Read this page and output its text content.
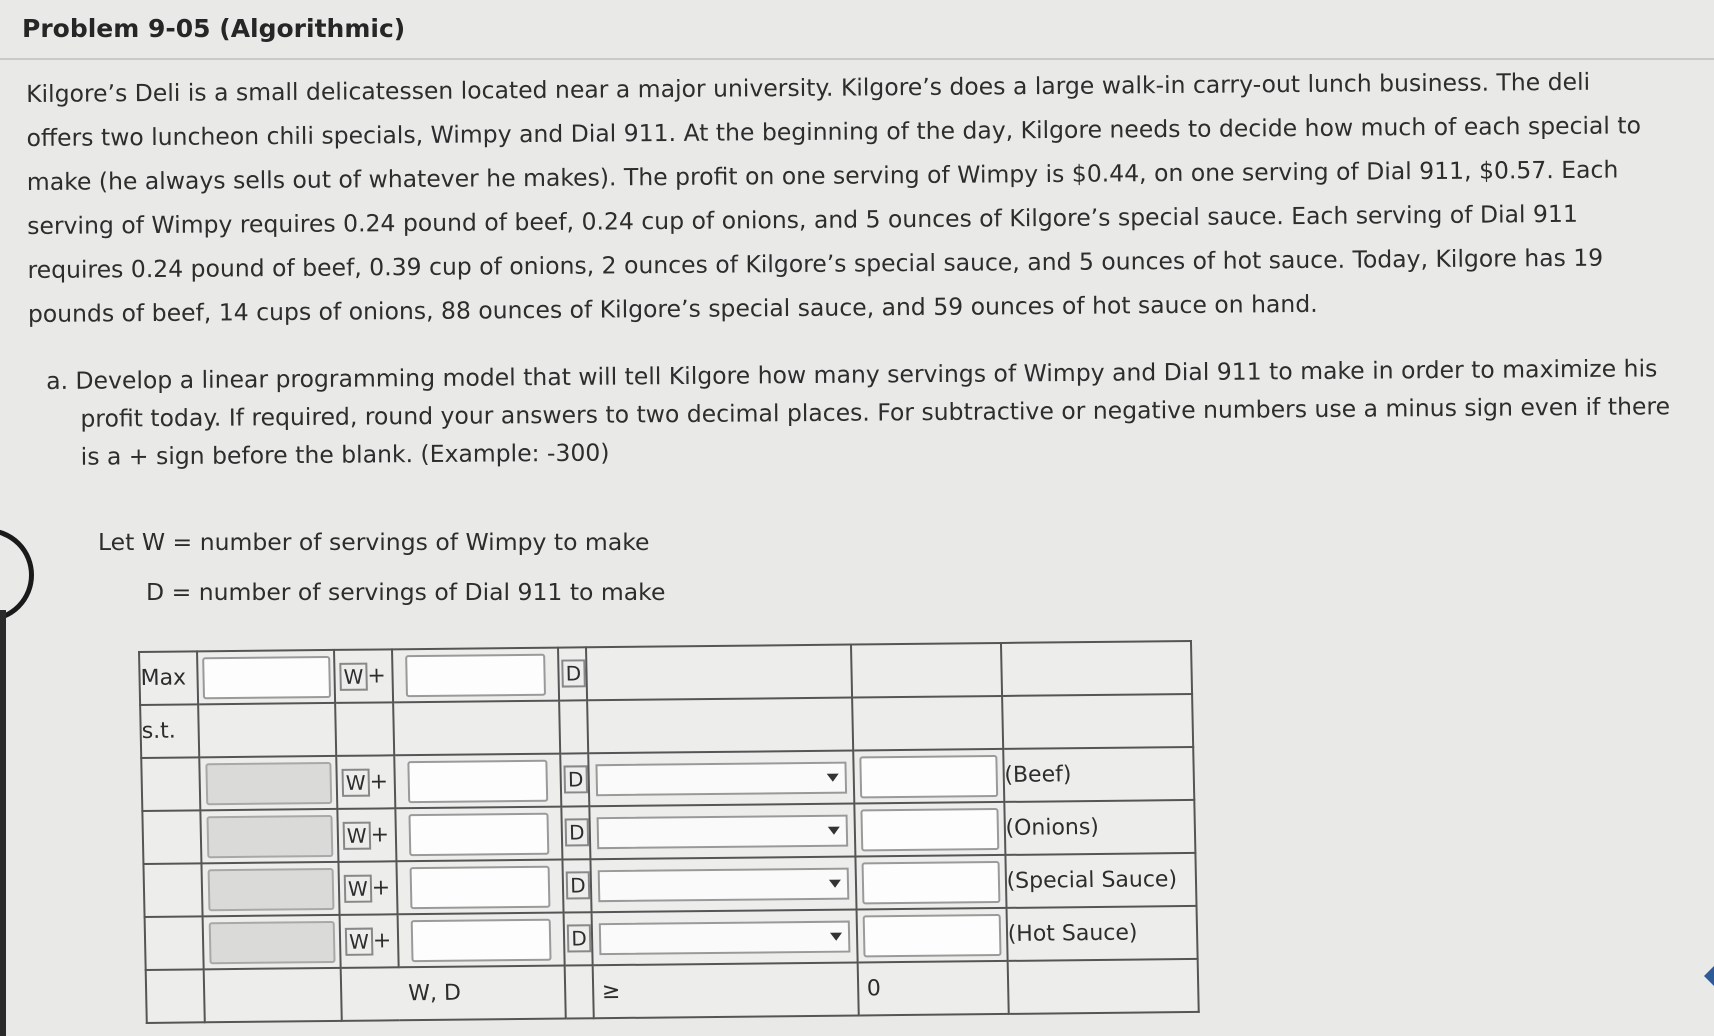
Problem 9-05 (Algorithmic)
Kilgore’s Deli is a small delicatessen located near a major university. Kilgore’s does a large walk-in carry-out lunch business. The deli
offers two luncheon chili specials, Wimpy and Dial 911. At the beginning of the day, Kilgore needs to decide how much of each special to
make (he always sells out of whatever he makes). The profit on one serving of Wimpy is $0.44, on one serving of Dial 911, $0.57. Each
serving of Wimpy requires 0.24 pound of beef, 0.24 cup of onions, and 5 ounces of Kilgore’s special sauce. Each serving of Dial 911
requires 0.24 pound of beef, 0.39 cup of onions, 2 ounces of Kilgore’s special sauce, and 5 ounces of hot sauce. Today, Kilgore has 19
pounds of beef, 14 cups of onions, 88 ounces of Kilgore’s special sauce, and 59 ounces of hot sauce on hand.
a. Develop a linear programming model that will tell Kilgore how many servings of Wimpy and Dial 911 to make in order to maximize his profit today. If required, round your answers to two decimal places. For subtractive or negative numbers use a minus sign even if there is a + sign before the blank. (Example: -300)
Let W = number of servings of Wimpy to make
D = number of servings of Dial 911 to make
Max		W +		D			
s.t.							

		W +		D			(Beef)

		W +		D			(Onions)

		W +		D			(Special Sauce)

		W +		D			(Hot Sauce)
		W, D			≥	0	
